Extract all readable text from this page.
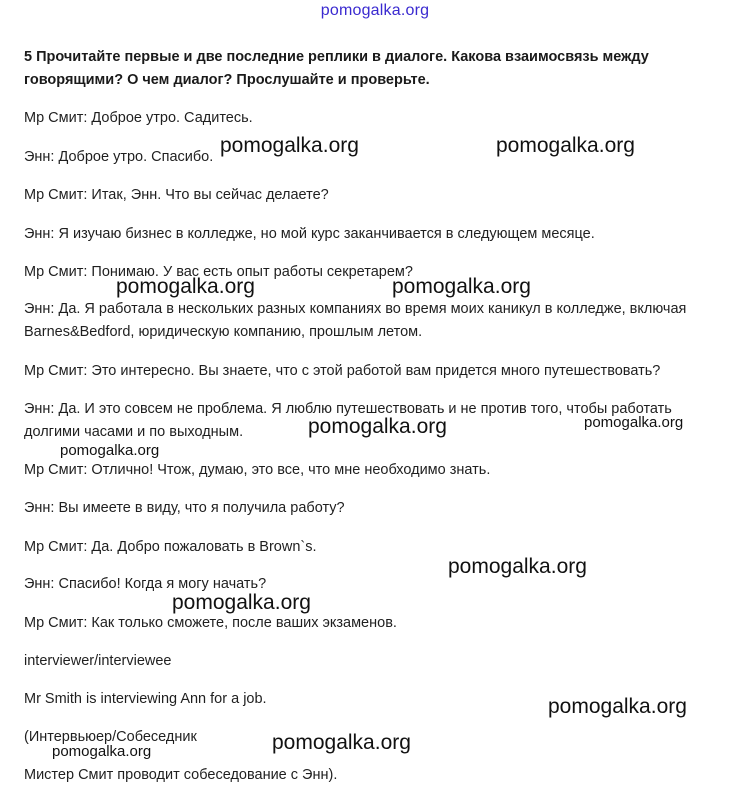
pomogalka.org
5 Прочитайте первые и две последние реплики в диалоге. Какова взаимосвязь между говорящими? О чем диалог? Прослушайте и проверьте.
Мр Смит: Доброе утро. Садитесь.
Энн: Доброе утро. Спасибо.
Мр Смит: Итак, Энн. Что вы сейчас делаете?
Энн: Я изучаю бизнес в колледже, но мой курс заканчивается в следующем месяце.
Мр Смит: Понимаю. У вас есть опыт работы секретарем?
Энн: Да. Я работала в нескольких разных компаниях во время моих каникул в колледже, включая Barnes&Bedford, юридическую компанию, прошлым летом.
Мр Смит: Это интересно. Вы знаете, что с этой работой вам придется много путешествовать?
Энн: Да. И это совсем не проблема. Я люблю путешествовать и не против того, чтобы работать долгими часами и по выходным.
Мр Смит: Отлично! Чтож, думаю, это все, что мне необходимо знать.
Энн: Вы имеете в виду, что я получила работу?
Мр Смит: Да. Добро пожаловать в Brown`s.
Энн: Спасибо! Когда я могу начать?
Мр Смит: Как только сможете, после ваших экзаменов.
interviewer/interviewee
Mr Smith is interviewing Ann for a job.
(Интервьюер/Собеседник
Мистер Смит проводит собеседование с Энн).
pomogalka.org	pomogalka.org
pomogalka.org	pomogalka.org
pomogalka.org	pomogalka.org
pomogalka.org
pomogalka.org
pomogalka.org
pomogalka.org
pomogalka.org
pomogalka.org
